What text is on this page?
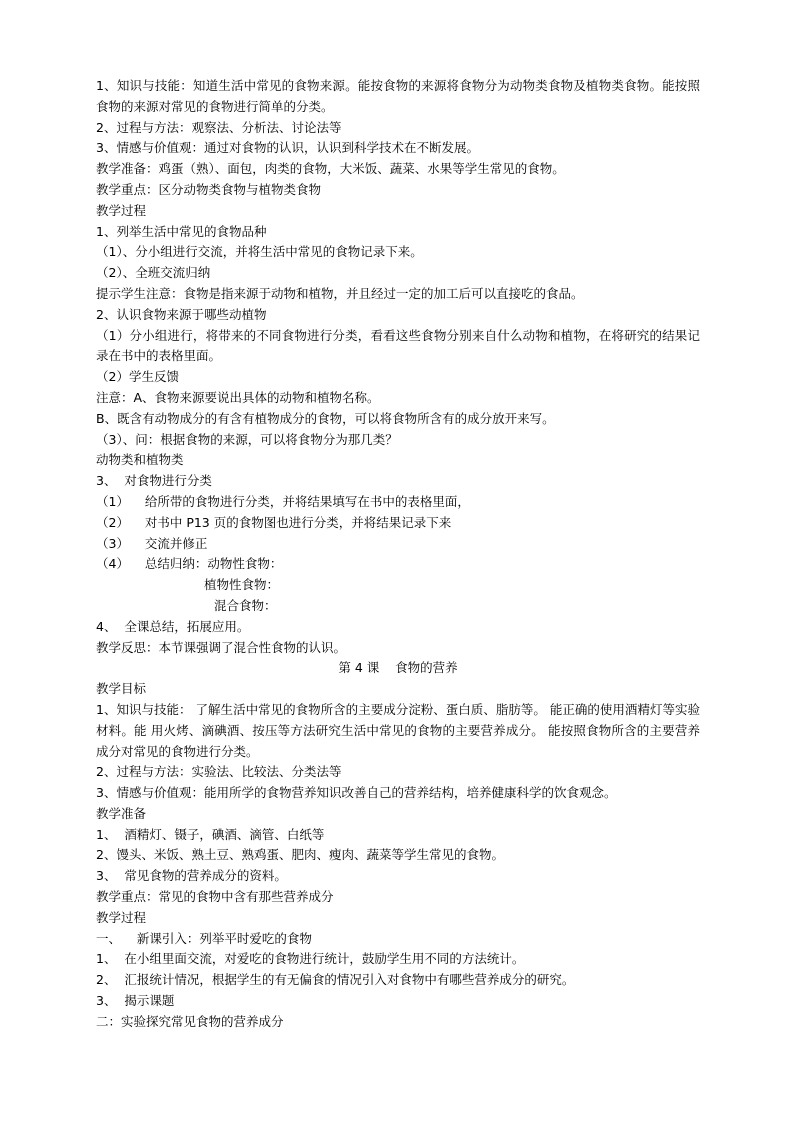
1、知识与技能：知道生活中常见的食物来源。能按食物的来源将食物分为动物类食物及植物类食物。能按照食物的来源对常见的食物进行简单的分类。
2、过程与方法：观察法、分析法、讨论法等
3、情感与价值观：通过对食物的认识，认识到科学技术在不断发展。
教学准备：鸡蛋（熟）、面包，肉类的食物，大米饭、蔬菜、水果等学生常见的食物。
教学重点：区分动物类食物与植物类食物
教学过程
1、列举生活中常见的食物品种
（1）、分小组进行交流，并将生活中常见的食物记录下来。
（2）、全班交流归纳
提示学生注意：食物是指来源于动物和植物，并且经过一定的加工后可以直接吃的食品。
2、认识食物来源于哪些动植物
（1）分小组进行，将带来的不同食物进行分类，看看这些食物分别来自什么动物和植物，在将研究的结果记录在书中的表格里面。
（2）学生反馈
注意：A、食物来源要说出具体的动物和植物名称。
B、既含有动物成分的有含有植物成分的食物，可以将食物所含有的成分放开来写。
（3）、问：根据食物的来源，可以将食物分为那几类？
动物类和植物类
3、  对食物进行分类
（1）    给所带的食物进行分类，并将结果填写在书中的表格里面，
（2）    对书中 P13 页的食物图也进行分类，并将结果记录下来
（3）    交流并修正
（4）    总结归纳：动物性食物：
植物性食物：
混合食物：
4、  全课总结，拓展应用。
教学反思：本节课强调了混合性食物的认识。
第 4 课    食物的营养
教学目标
1、知识与技能： 了解生活中常见的食物所含的主要成分淀粉、蛋白质、脂肪等。 能正确的使用酒精灯等实验材料。能 用火烤、滴碘酒、按压等方法研究生活中常见的食物的主要营养成分。 能按照食物所含的主要营养成分对常见的食物进行分类。
2、过程与方法：实验法、比较法、分类法等
3、情感与价值观：能用所学的食物营养知识改善自己的营养结构，培养健康科学的饮食观念。
教学准备
1、  酒精灯、镊子，碘酒、滴管、白纸等
2、馒头、米饭、熟土豆、熟鸡蛋、肥肉、瘦肉、蔬菜等学生常见的食物。
3、  常见食物的营养成分的资料。
教学重点：常见的食物中含有那些营养成分
教学过程
一、    新课引入：列举平时爱吃的食物
1、  在小组里面交流，对爱吃的食物进行统计，鼓励学生用不同的方法统计。
2、  汇报统计情况，根据学生的有无偏食的情况引入对食物中有哪些营养成分的研究。
3、  揭示课题
二：实验探究常见食物的营养成分
